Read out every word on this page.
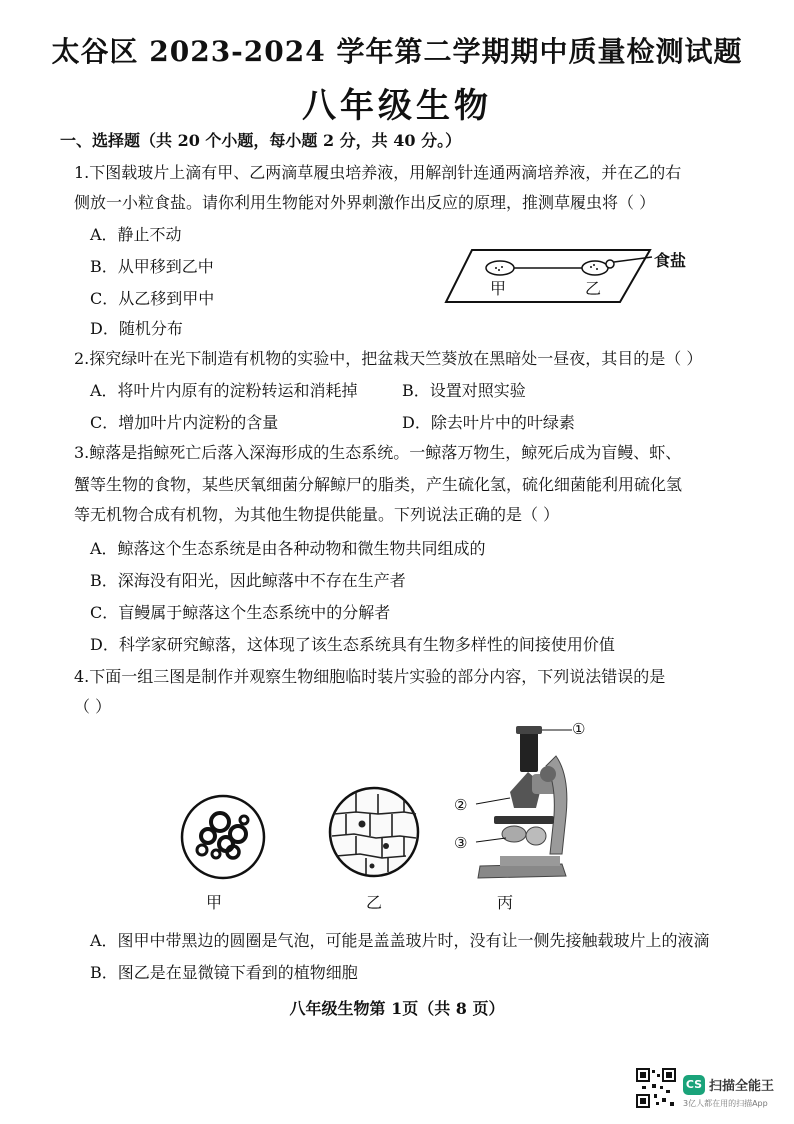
太谷区 2023-2024 学年第二学期期中质量检测试题
八年级生物
一、选择题（共 20 个小题，每小题 2 分，共 40 分。）
1.下图载玻片上滴有甲、乙两滴草履虫培养液，用解剖针连通两滴培养液，并在乙的右
侧放一小粒食盐。请你利用生物能对外界刺激作出反应的原理，推测草履虫将（ ）
A．静止不动
B．从甲移到乙中
C．从乙移到甲中
D．随机分布
甲	乙
食盐
2.探究绿叶在光下制造有机物的实验中，把盆栽天竺葵放在黑暗处一昼夜，其目的是（ ）
A．将叶片内原有的淀粉转运和消耗掉	B．设置对照实验
C．增加叶片内淀粉的含量	D．除去叶片中的叶绿素
3.鲸落是指鲸死亡后落入深海形成的生态系统。一鲸落万物生，鲸死后成为盲鳗、虾、
蟹等生物的食物，某些厌氧细菌分解鲸尸的脂类，产生硫化氢，硫化细菌能利用硫化氢
等无机物合成有机物，为其他生物提供能量。下列说法正确的是（ ）
A．鲸落这个生态系统是由各种动物和微生物共同组成的
B．深海没有阳光，因此鲸落中不存在生产者
C．盲鳗属于鲸落这个生态系统中的分解者
D．科学家研究鲸落，这体现了该生态系统具有生物多样性的间接使用价值
4.下面一组三图是制作并观察生物细胞临时装片实验的部分内容，下列说法错误的是
（ ）
①
②
③
甲	乙	丙
A．图甲中带黑边的圆圈是气泡，可能是盖盖玻片时，没有让一侧先接触载玻片上的液滴
B．图乙是在显微镜下看到的植物细胞
八年级生物第 1页（共 8 页）
CS 扫描全能王
3亿人都在用的扫描App
